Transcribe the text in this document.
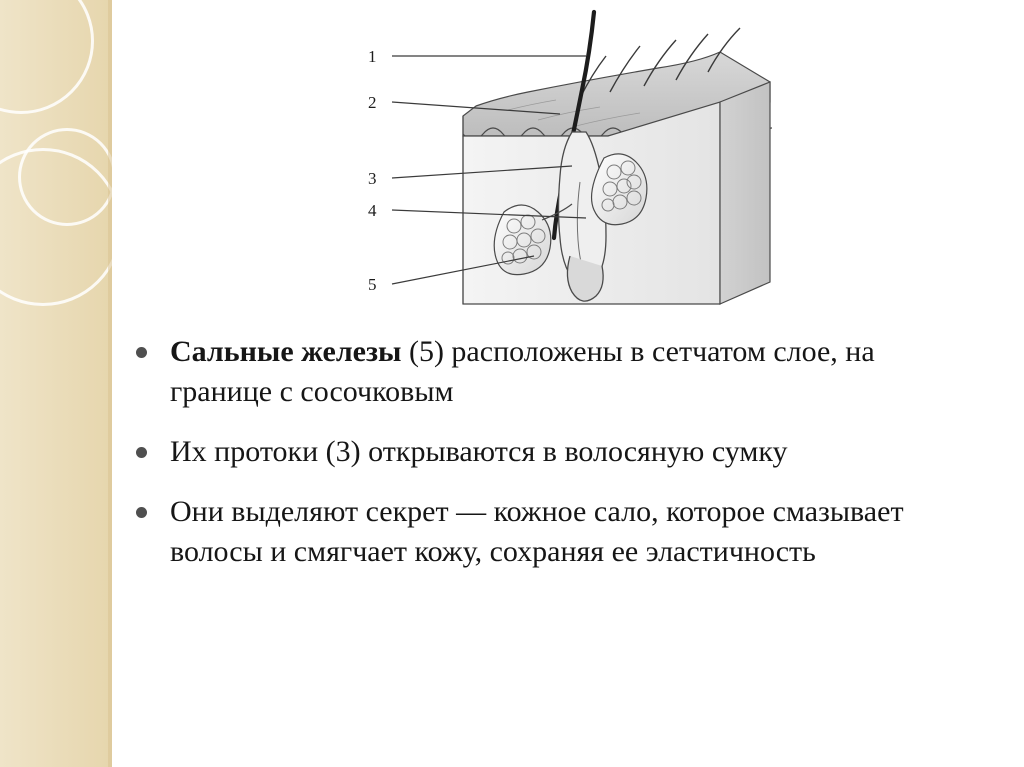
1
2
3
4
5
Сальные железы (5) расположены в сетчатом слое, на границе с сосочковым
Их протоки (3) открываются в волосяную сумку
Они выделяют секрет — кожное сало, которое смазывает волосы и смягчает кожу, сохраняя ее эластичность
